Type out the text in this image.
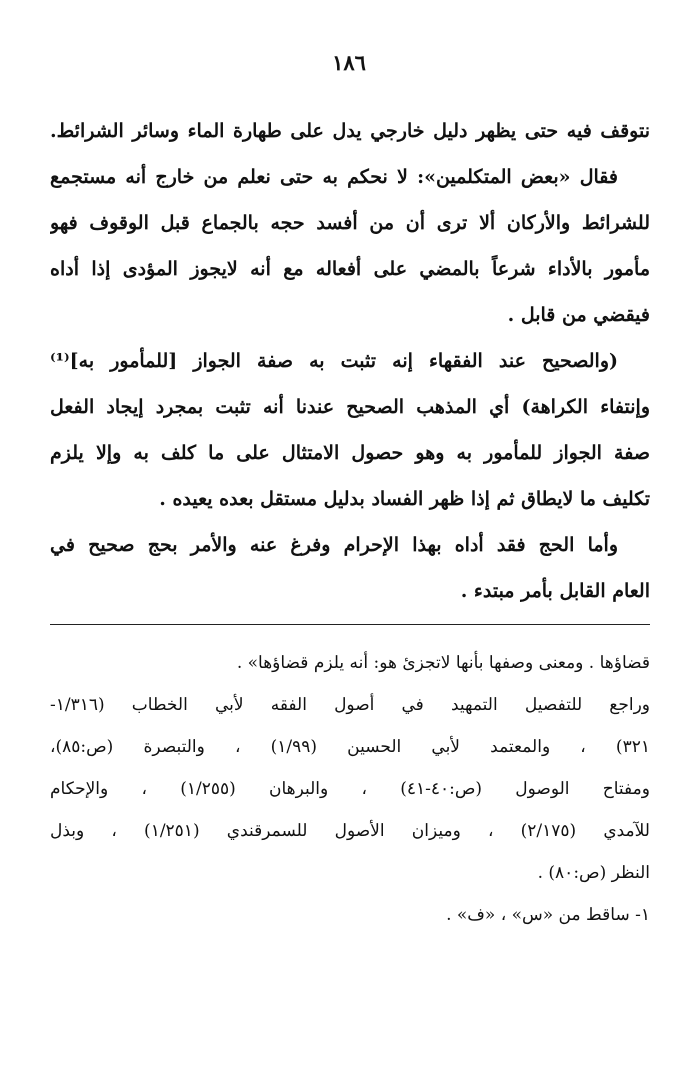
١٨٦
نتوقف فيه حتى يظهر دليل خارجي يدل على طهارة الماء وسائر الشرائط.
فقال «بعض المتكلمين»: لا نحكم به حتى نعلم من خارج أنه مستجمع
للشرائط والأركان ألا ترى أن من أفسد حجه بالجماع قبل الوقوف فهو
مأمور بالأداء شرعاً بالمضي على أفعاله مع أنه لايجوز المؤدى إذا أداه
فيقضي من قابل .
(والصحيح عند الفقهاء إنه تثبت به صفة الجواز [للمأمور به]⁽¹⁾
وإنتفاء الكراهة) أي المذهب الصحيح عندنا أنه تثبت بمجرد إيجاد الفعل
صفة الجواز للمأمور به وهو حصول الامتثال على ما كلف به وإلا يلزم
تكليف ما لايطاق ثم إذا ظهر الفساد بدليل مستقل بعده يعيده .
وأما الحج فقد أداه بهذا الإحرام وفرغ عنه والأمر بحج صحيح في
العام القابل بأمر مبتدء .
قضاؤها . ومعنى وصفها بأنها لاتجزئ هو: أنه يلزم قضاؤها» .
وراجع للتفصيل التمهيد في أصول الفقه لأبي الخطاب (١/٣١٦-
٣٢١) ، والمعتمد لأبي الحسين (١/٩٩) ، والتبصرة (ص:٨٥)،
ومفتاح الوصول (ص:٤٠-٤١) ، والبرهان (١/٢٥٥) ، والإحكام
للآمدي (٢/١٧٥) ، وميزان الأصول للسمرقندي (١/٢٥١) ، وبذل
النظر (ص:٨٠) .
١- ساقط من «س» ، «ف» .
